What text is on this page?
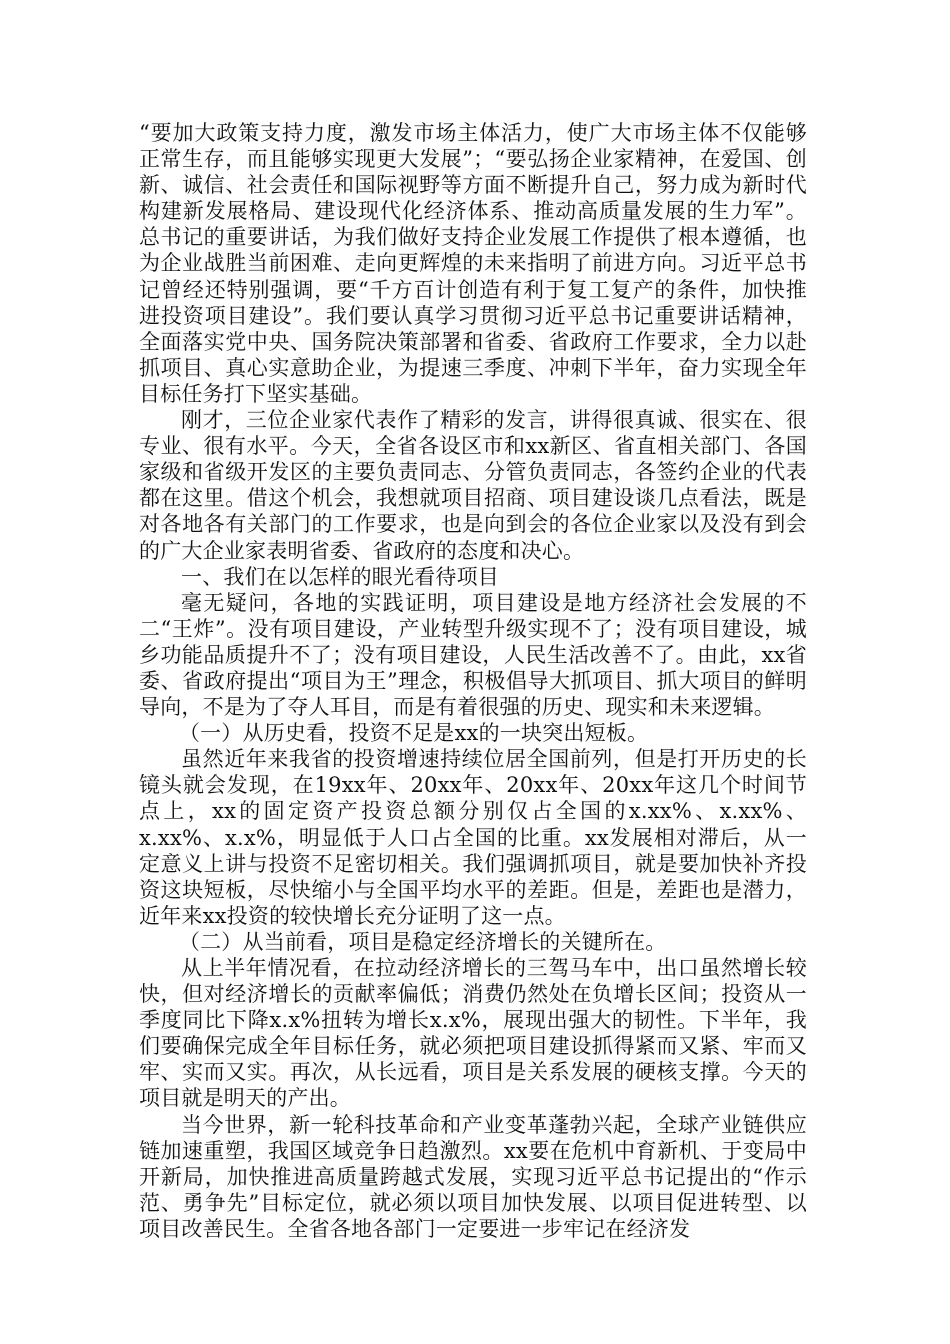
“要加大政策支持力度，激发市场主体活力，使广大市场主体不仅能够正常生存，而且能够实现更大发展”；“要弘扬企业家精神，在爱国、创新、诚信、社会责任和国际视野等方面不断提升自己，努力成为新时代构建新发展格局、建设现代化经济体系、推动高质量发展的生力军”。总书记的重要讲话，为我们做好支持企业发展工作提供了根本遵循，也为企业战胜当前困难、走向更辉煌的未来指明了前进方向。习近平总书记曾经还特别强调，要“千方百计创造有利于复工复产的条件，加快推进投资项目建设”。我们要认真学习贯彻习近平总书记重要讲话精神，全面落实党中央、国务院决策部署和省委、省政府工作要求，全力以赴抓项目、真心实意助企业，为提速三季度、冲刺下半年，奋力实现全年目标任务打下坚实基础。

刚才，三位企业家代表作了精彩的发言，讲得很真诚、很实在、很专业、很有水平。今天，全省各设区市和xx新区、省直相关部门、各国家级和省级开发区的主要负责同志、分管负责同志，各签约企业的代表都在这里。借这个机会，我想就项目招商、项目建设谈几点看法，既是对各地各有关部门的工作要求，也是向到会的各位企业家以及没有到会的广大企业家表明省委、省政府的态度和决心。

一、我们在以怎样的眼光看待项目

毫无疑问，各地的实践证明，项目建设是地方经济社会发展的不二“王炸”。没有项目建设，产业转型升级实现不了；没有项目建设，城乡功能品质提升不了；没有项目建设，人民生活改善不了。由此，xx省委、省政府提出“项目为王”理念，积极倡导大抓项目、抓大项目的鲜明导向，不是为了夺人耳目，而是有着很强的历史、现实和未来逻辑。

（一）从历史看，投资不足是xx的一块突出短板。

虽然近年来我省的投资增速持续位居全国前列，但是打开历史的长镜头就会发现，在19xx年、20xx年、20xx年、20xx年这几个时间节点上，xx的固定资产投资总额分别仅占全国的x.xx%、x.xx%、x.xx%、x.x%，明显低于人口占全国的比重。xx发展相对滞后，从一定意义上讲与投资不足密切相关。我们强调抓项目，就是要加快补齐投资这块短板，尽快缩小与全国平均水平的差距。但是，差距也是潜力，近年来xx投资的较快增长充分证明了这一点。

（二）从当前看，项目是稳定经济增长的关键所在。

从上半年情况看，在拉动经济增长的三驾马车中，出口虽然增长较快，但对经济增长的贡献率偏低；消费仍然处在负增长区间；投资从一季度同比下降x.x%扭转为增长x.x%，展现出强大的韧性。下半年，我们要确保完成全年目标任务，就必须把项目建设抓得紧而又紧、牢而又牢、实而又实。再次，从长远看，项目是关系发展的硬核支撑。今天的项目就是明天的产出。

当今世界，新一轮科技革命和产业变革蓬勃兴起，全球产业链供应链加速重塑，我国区域竞争日趋激烈。xx要在危机中育新机、于变局中开新局，加快推进高质量跨越式发展，实现习近平总书记提出的“作示范、勇争先”目标定位，就必须以项目加快发展、以项目促进转型、以项目改善民生。全省各地各部门一定要进一步牢记在经济发
